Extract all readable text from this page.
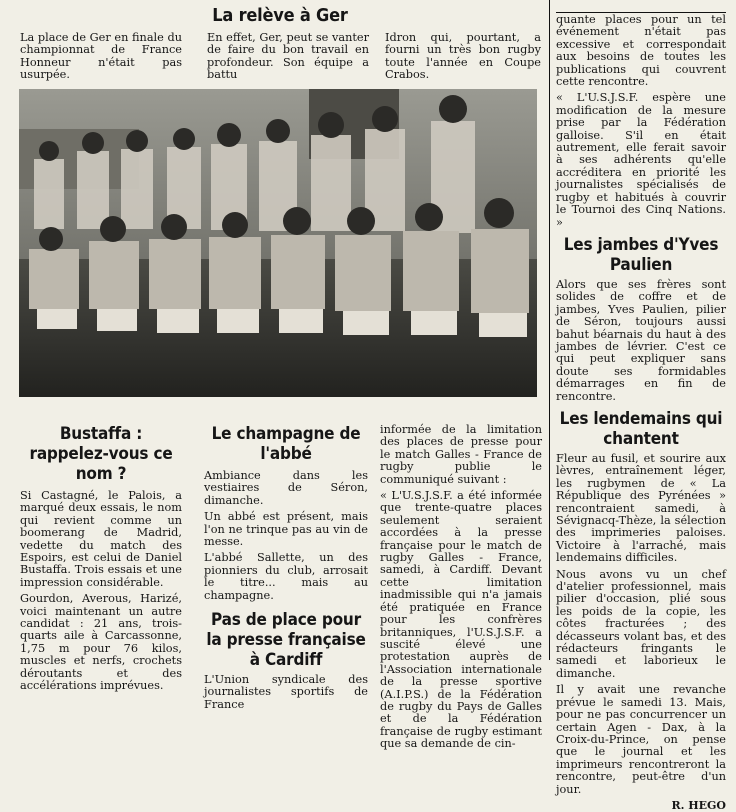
La relève à Ger

La place de Ger en finale du championnat de France Honneur n'était pas usurpée.

En effet, Ger, peut se vanter de faire du bon travail en profondeur. Son équipe a battu

Idron qui, pourtant, a fourni un très bon rugby toute l'année en Coupe Crabos.

Bustaffa : rappelez-vous ce nom ?

Si Castagné, le Palois, a marqué deux essais, le nom qui revient comme un boomerang de Madrid, vedette du match des Espoirs, est celui de Daniel Bustaffa. Trois essais et une impression considérable.

Gourdon, Averous, Harizé, voici maintenant un autre candidat : 21 ans, trois-quarts aile à Carcassonne, 1,75 m pour 76 kilos, muscles et nerfs, crochets déroutants et des accélérations imprévues.

Le champagne de l'abbé

Ambiance dans les vestiaires de Séron, dimanche.

Un abbé est présent, mais l'on ne trinque pas au vin de messe.

L'abbé Sallette, un des pionniers du club, arrosait le titre... mais au champagne.

Pas de place pour la presse française à Cardiff

L'Union syndicale des journalistes sportifs de France

informée de la limitation des places de presse pour le match Galles - France de rugby publie le communiqué suivant :

« L'U.S.J.S.F. a été informée que trente-quatre places seulement seraient accordées à la presse française pour le match de rugby Galles - France, samedi, à Cardiff. Devant cette limitation inadmissible qui n'a jamais été pratiquée en France pour les confrères britanniques, l'U.S.J.S.F. a suscité élevé une protestation auprès de l'Association internationale de la presse sportive (A.I.P.S.) de la Fédération de rugby du Pays de Galles et de la Fédération française de rugby estimant que sa demande de cin-

quante places pour un tel événement n'était pas excessive et correspondait aux besoins de toutes les publications qui couvrent cette rencontre.

« L'U.S.J.S.F. espère une modification de la mesure prise par la Fédération galloise. S'il en était autrement, elle ferait savoir à ses adhérents qu'elle accréditera en priorité les journalistes spécialisés de rugby et habitués à couvrir le Tournoi des Cinq Nations. »

Les jambes d'Yves Paulien

Alors que ses frères sont solides de coffre et de jambes, Yves Paulien, pilier de Séron, toujours aussi bahut béarnais du haut à des jambes de lévrier. C'est ce qui peut expliquer sans doute ses formidables démarrages en fin de rencontre.

Les lendemains qui chantent

Fleur au fusil, et sourire aux lèvres, entraînement léger, les rugbymen de « La République des Pyrénées » rencontraient samedi, à Sévignacq-Thèze, la sélection des imprimeries paloises. Victoire à l'arraché, mais lendemains difficiles.

Nous avons vu un chef d'atelier professionnel, mais pilier d'occasion, plié sous les poids de la copie, les côtes fracturées ; des décasseurs volant bas, et des rédacteurs fringants le samedi et laborieux le dimanche.

Il y avait une revanche prévue le samedi 13. Mais, pour ne pas concurrencer un certain Agen - Dax, à la Croix-du-Prince, on pense que le journal et les imprimeurs rencontreront la rencontre, peut-être d'un jour.

R. HEGO
